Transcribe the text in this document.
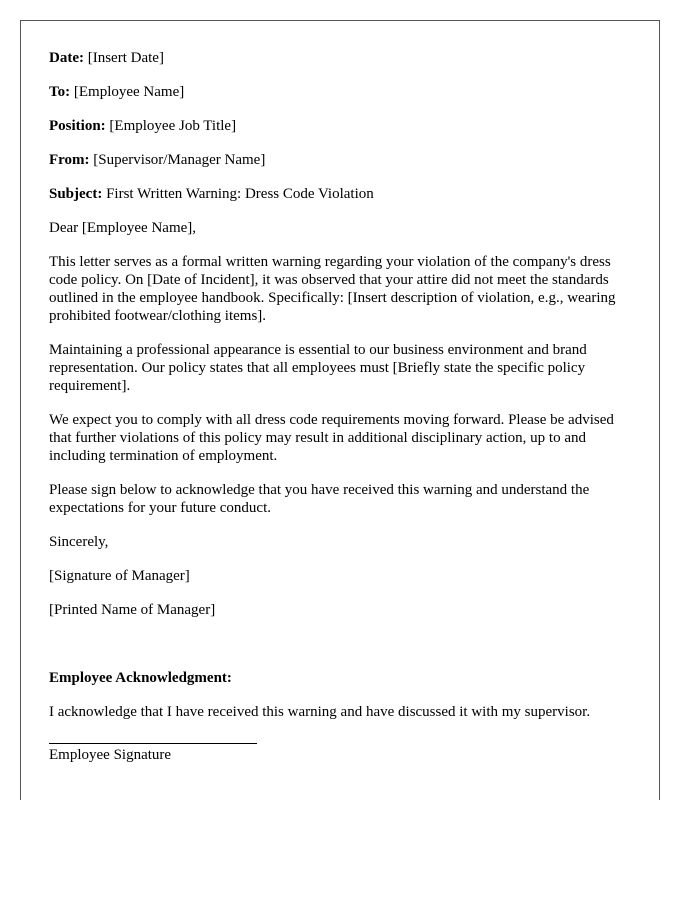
Date: [Insert Date]
To: [Employee Name]
Position: [Employee Job Title]
From: [Supervisor/Manager Name]
Subject: First Written Warning: Dress Code Violation
Dear [Employee Name],
This letter serves as a formal written warning regarding your violation of the company's dress code policy. On [Date of Incident], it was observed that your attire did not meet the standards outlined in the employee handbook. Specifically: [Insert description of violation, e.g., wearing prohibited footwear/clothing items].
Maintaining a professional appearance is essential to our business environment and brand representation. Our policy states that all employees must [Briefly state the specific policy requirement].
We expect you to comply with all dress code requirements moving forward. Please be advised that further violations of this policy may result in additional disciplinary action, up to and including termination of employment.
Please sign below to acknowledge that you have received this warning and understand the expectations for your future conduct.
Sincerely,
[Signature of Manager]
[Printed Name of Manager]
Employee Acknowledgment:
I acknowledge that I have received this warning and have discussed it with my supervisor.
Employee Signature
